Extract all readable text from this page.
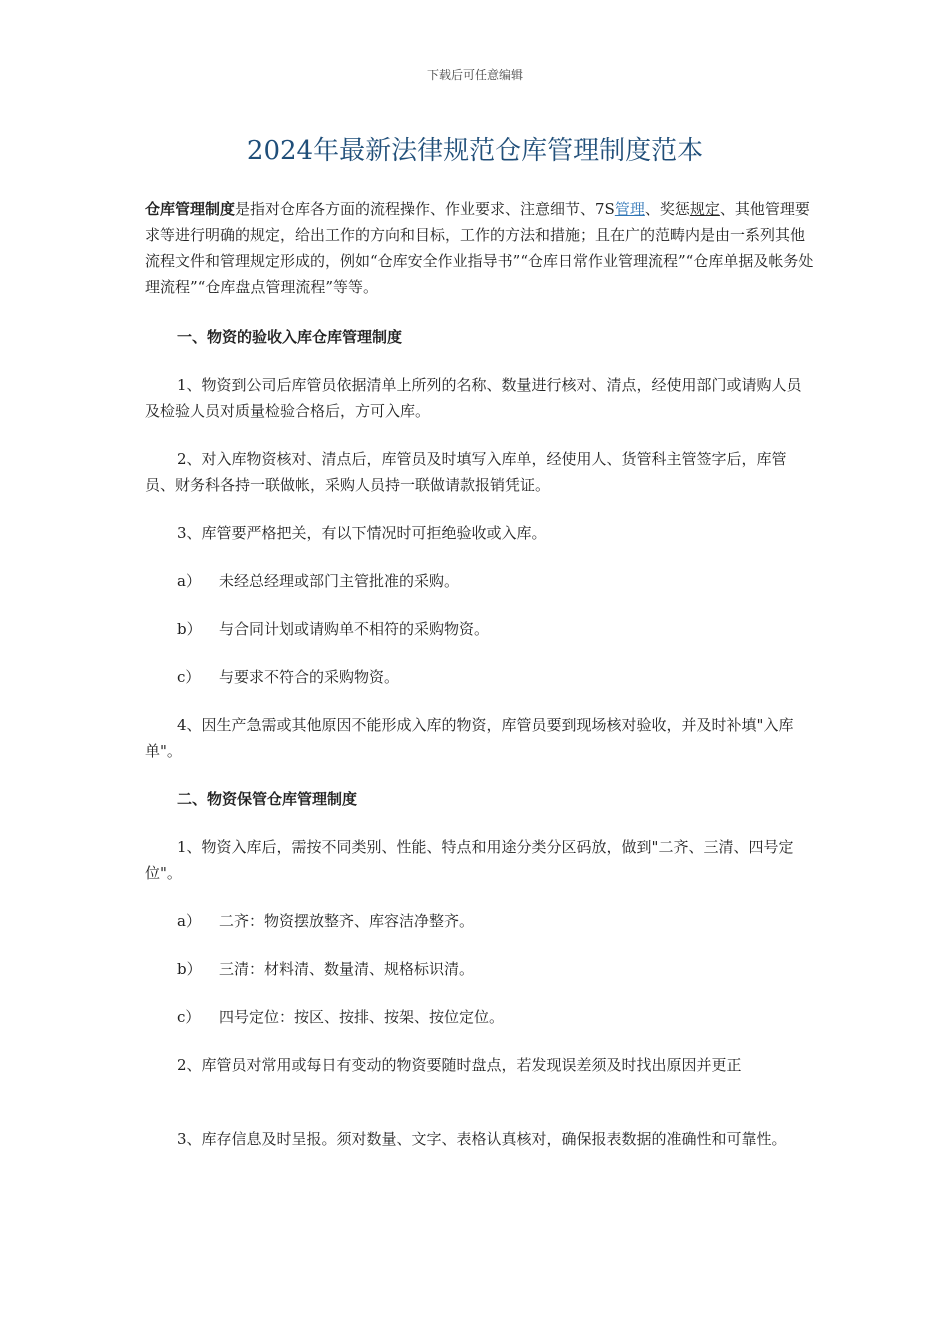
下载后可任意编辑
2024年最新法律规范仓库管理制度范本

仓库管理制度是指对仓库各方面的流程操作、作业要求、注意细节、7S管理、奖惩规定、其他管理要求等进行明确的规定，给出工作的方向和目标，工作的方法和措施；且在广的范畴内是由一系列其他流程文件和管理规定形成的，例如“仓库安全作业指导书”“仓库日常作业管理流程”“仓库单据及帐务处理流程”“仓库盘点管理流程”等等。

一、物资的验收入库仓库管理制度

1、物资到公司后库管员依据清单上所列的名称、数量进行核对、清点，经使用部门或请购人员及检验人员对质量检验合格后，方可入库。

2、对入库物资核对、清点后，库管员及时填写入库单，经使用人、货管科主管签字后，库管员、财务科各持一联做帐，采购人员持一联做请款报销凭证。

3、库管要严格把关，有以下情况时可拒绝验收或入库。

a） 未经总经理或部门主管批准的采购。

b） 与合同计划或请购单不相符的采购物资。

c） 与要求不符合的采购物资。

4、因生产急需或其他原因不能形成入库的物资，库管员要到现场核对验收，并及时补填"入库单"。

二、物资保管仓库管理制度

1、物资入库后，需按不同类别、性能、特点和用途分类分区码放，做到"二齐、三清、四号定位"。

a） 二齐：物资摆放整齐、库容洁净整齐。

b） 三清：材料清、数量清、规格标识清。

c） 四号定位：按区、按排、按架、按位定位。

2、库管员对常用或每日有变动的物资要随时盘点，若发现误差须及时找出原因并更正

3、库存信息及时呈报。须对数量、文字、表格认真核对，确保报表数据的准确性和可靠性。
